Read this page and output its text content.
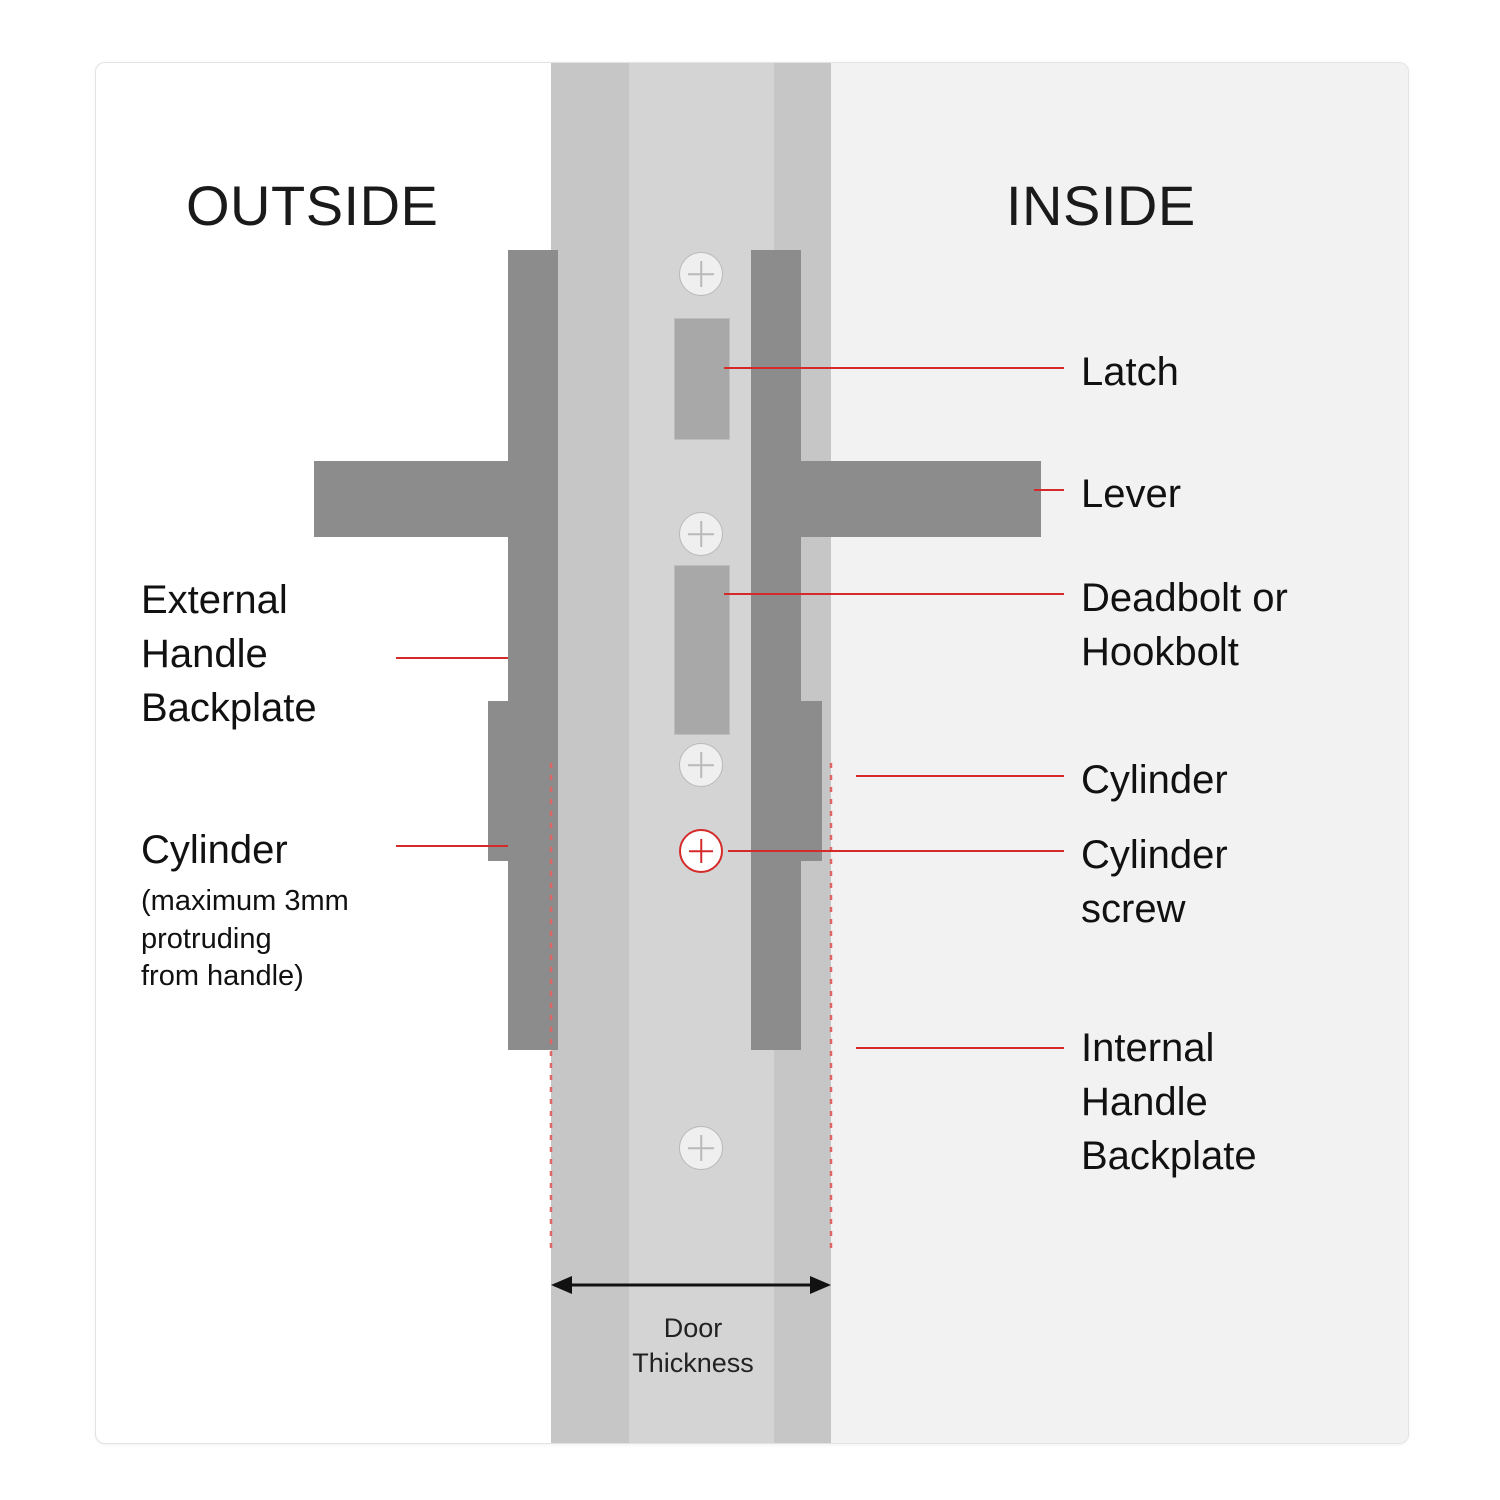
OUTSIDE	INSIDE
Latch
Lever
Deadbolt or
Hookbolt
Cylinder
Cylinder
screw
Internal
Handle
Backplate
External
Handle
Backplate
Cylinder
(maximum 3mm
protruding
from handle)
Door
Thickness
